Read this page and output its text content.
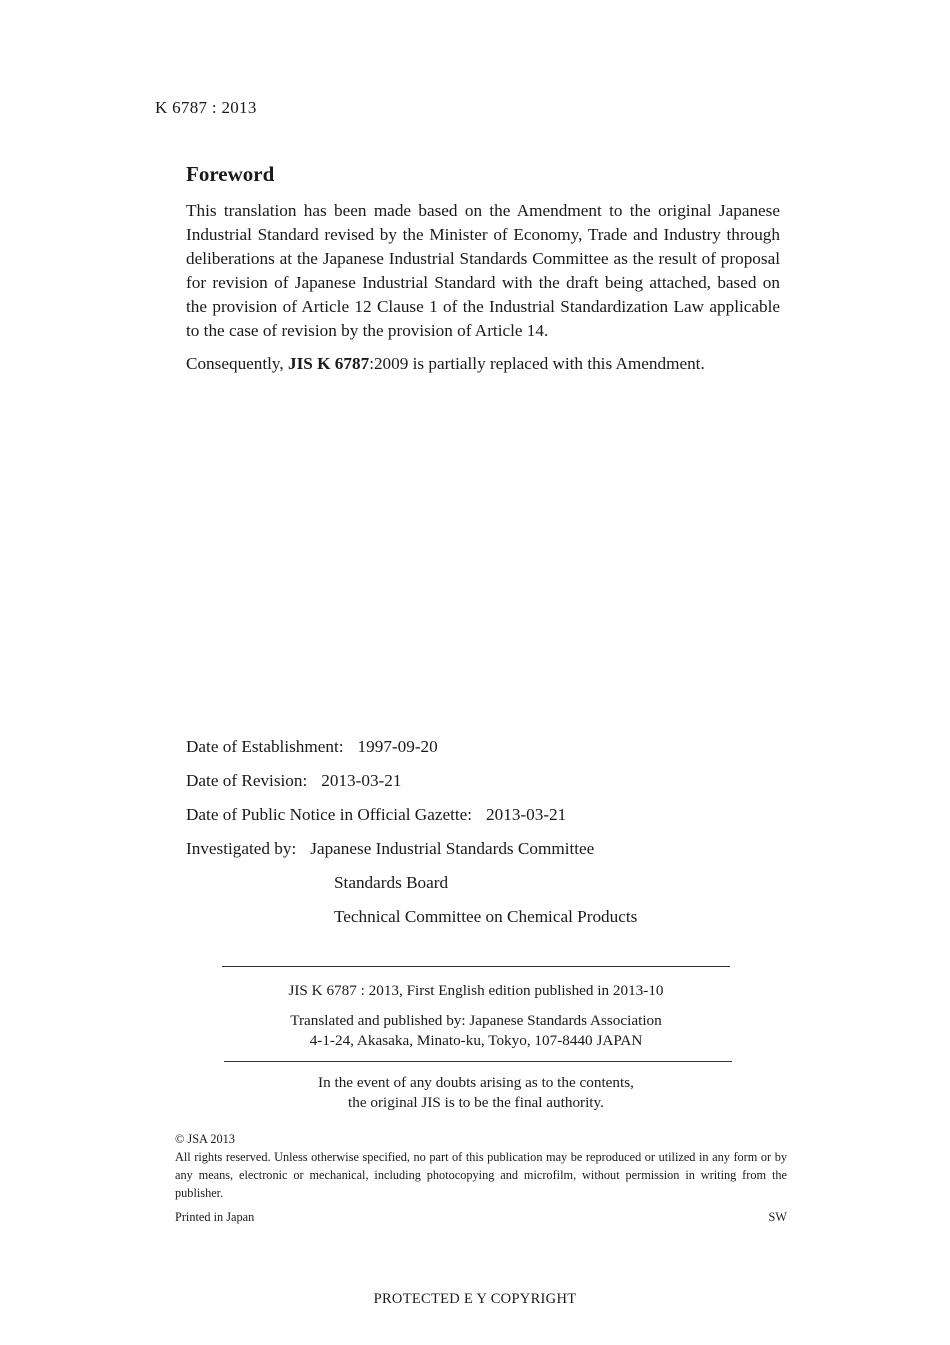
K 6787 : 2013
Foreword

This translation has been made based on the Amendment to the original Japanese Industrial Standard revised by the Minister of Economy, Trade and Industry through deliberations at the Japanese Industrial Standards Committee as the result of proposal for revision of Japanese Industrial Standard with the draft being attached, based on the provision of Article 12 Clause 1 of the Industrial Standardization Law applicable to the case of revision by the provision of Article 14.

Consequently, JIS K 6787:2009 is partially replaced with this Amendment.

Date of Establishment: 1997-09-20
Date of Revision: 2013-03-21
Date of Public Notice in Official Gazette: 2013-03-21
Investigated by: Japanese Industrial Standards Committee
Standards Board
Technical Committee on Chemical Products
JIS K 6787 : 2013, First English edition published in 2013-10
Translated and published by: Japanese Standards Association
4-1-24, Akasaka, Minato-ku, Tokyo, 107-8440 JAPAN
In the event of any doubts arising as to the contents,
the original JIS is to be the final authority.
© JSA 2013
All rights reserved. Unless otherwise specified, no part of this publication may be reproduced or utilized in any form or by any means, electronic or mechanical, including photocopying and microfilm, without permission in writing from the publisher.
Printed in Japan	SW
PROTECTED E Y COPYRIGHT
